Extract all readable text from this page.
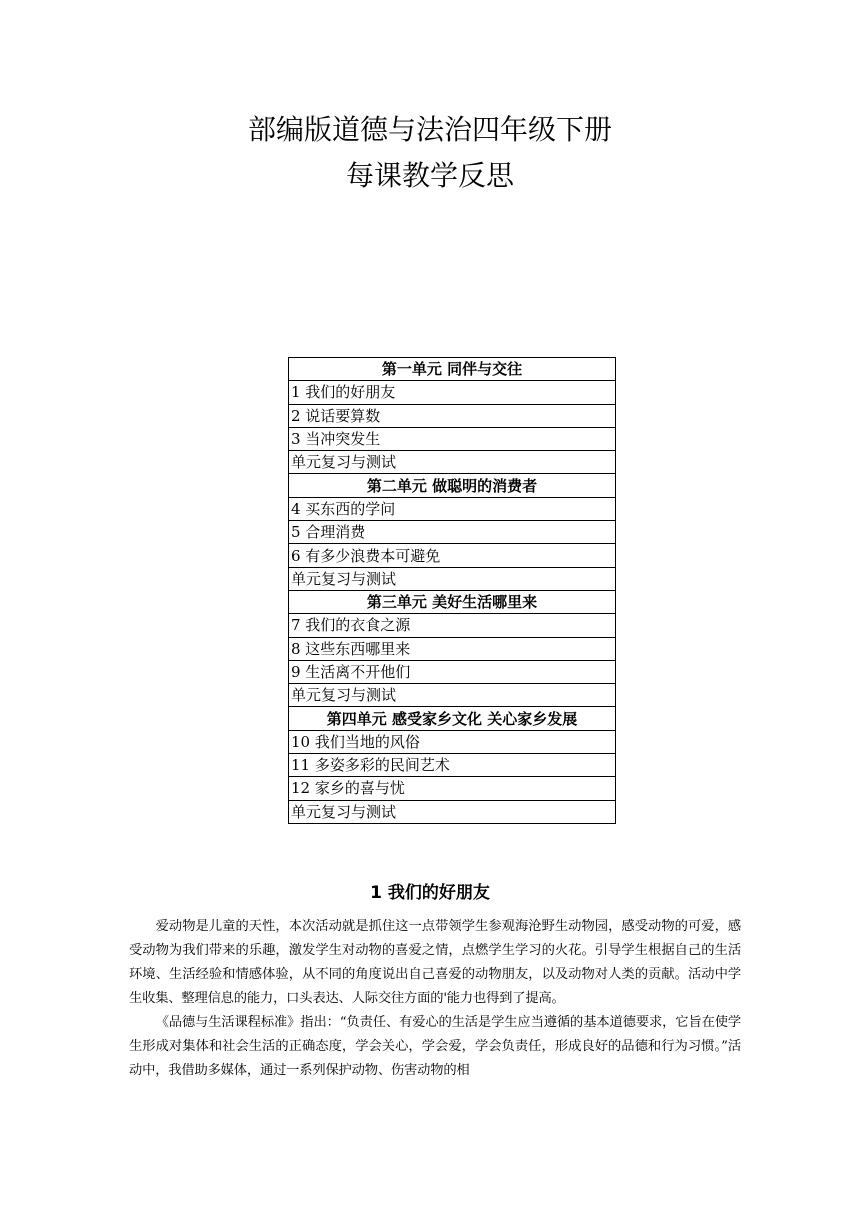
部编版道德与法治四年级下册
每课教学反思
第一单元 同伴与交往
1 我们的好朋友
2 说话要算数
3 当冲突发生
单元复习与测试
第二单元 做聪明的消费者
4 买东西的学问
5 合理消费
6 有多少浪费本可避免
单元复习与测试
第三单元 美好生活哪里来
7 我们的衣食之源
8 这些东西哪里来
9 生活离不开他们
单元复习与测试
第四单元 感受家乡文化 关心家乡发展
10 我们当地的风俗
11 多姿多彩的民间艺术
12 家乡的喜与忧
单元复习与测试
1 我们的好朋友

爱动物是儿童的天性，本次活动就是抓住这一点带领学生参观海沧野生动物园，感受动物的可爱，感受动物为我们带来的乐趣，激发学生对动物的喜爱之情，点燃学生学习的火花。引导学生根据自己的生活环境、生活经验和情感体验，从不同的角度说出自己喜爱的动物朋友，以及动物对人类的贡献。活动中学生收集、整理信息的能力，口头表达、人际交往方面的'能力也得到了提高。

《品德与生活课程标准》指出：“负责任、有爱心的生活是学生应当遵循的基本道德要求，它旨在使学生形成对集体和社会生活的正确态度，学会关心，学会爱，学会负责任，形成良好的品德和行为习惯。”活动中，我借助多媒体，通过一系列保护动物、伤害动物的相
